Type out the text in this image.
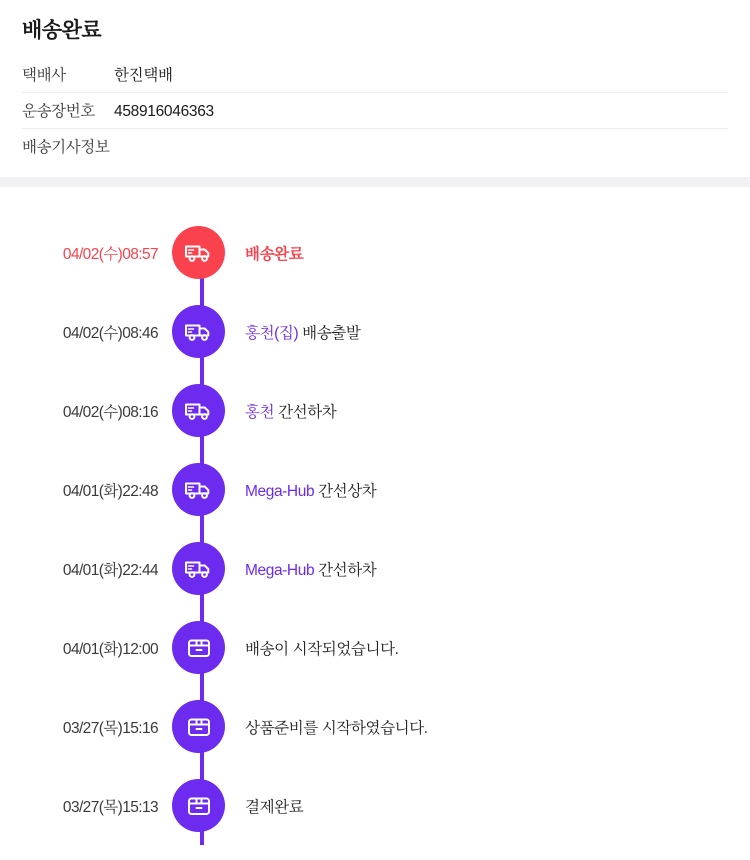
배송완료
택배사	한진택배
운송장번호	458916046363
배송기사정보
04/02(수)08:57	배송완료
04/02(수)08:46	홍천(집) 배송출발
04/02(수)08:16	홍천 간선하차
04/01(화)22:48	Mega-Hub 간선상차
04/01(화)22:44	Mega-Hub 간선하차
04/01(화)12:00	배송이 시작되었습니다.
03/27(목)15:16	상품준비를 시작하였습니다.
03/27(목)15:13	결제완료
